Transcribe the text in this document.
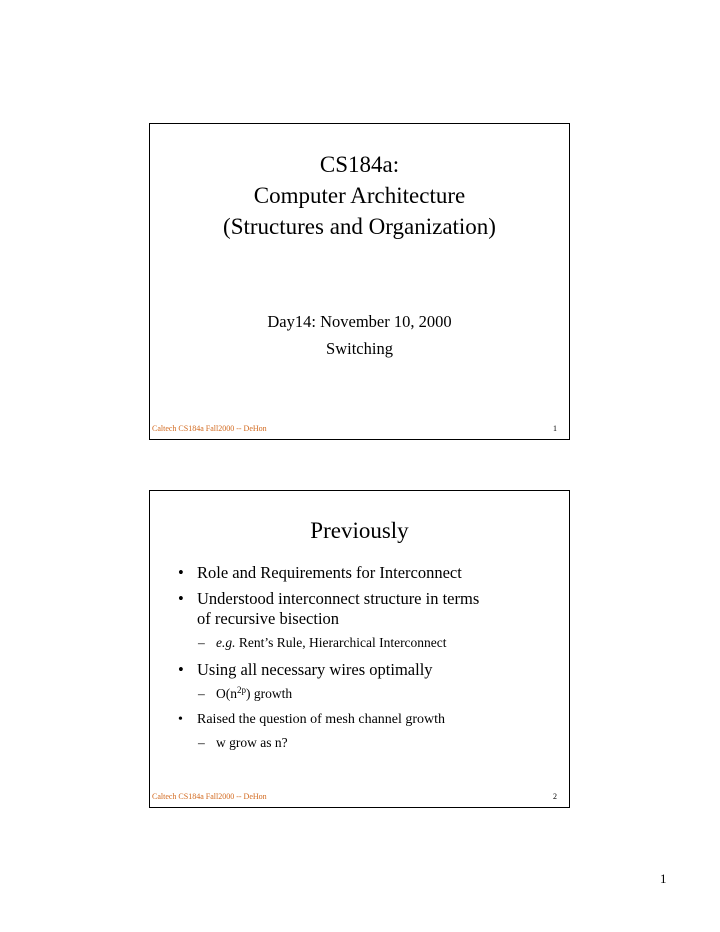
CS184a:
Computer Architecture
(Structures and Organization)
Day14: November 10, 2000
Switching
Caltech CS184a Fall2000 -- DeHon	1
Previously
• Role and Requirements for Interconnect
• Understood interconnect structure in terms
of recursive bisection
– e.g. Rent’s Rule, Hierarchical Interconnect
• Using all necessary wires optimally
– $O(n^{2p})$ growth
• Raised the question of mesh channel growth
– w grow as n?
Caltech CS184a Fall2000 -- DeHon	2
1
